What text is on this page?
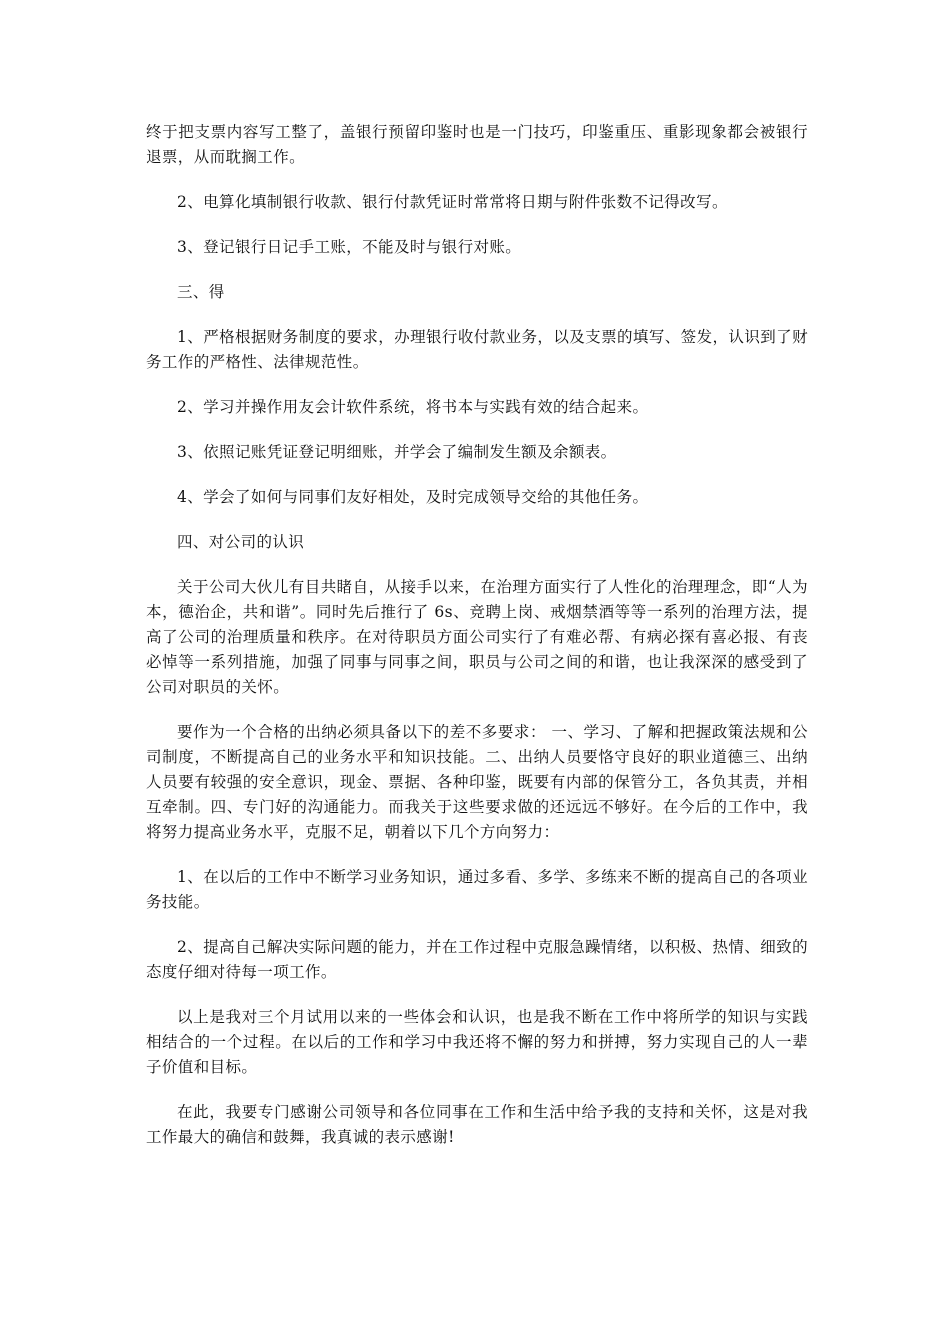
终于把支票内容写工整了，盖银行预留印鉴时也是一门技巧，印鉴重压、重影现象都会被银行退票，从而耽搁工作。

2、电算化填制银行收款、银行付款凭证时常常将日期与附件张数不记得改写。

3、登记银行日记手工账，不能及时与银行对账。

三、得

1、严格根据财务制度的要求，办理银行收付款业务，以及支票的填写、签发，认识到了财务工作的严格性、法律规范性。

2、学习并操作用友会计软件系统，将书本与实践有效的结合起来。

3、依照记账凭证登记明细账，并学会了编制发生额及余额表。

4、学会了如何与同事们友好相处，及时完成领导交给的其他任务。

四、对公司的认识

关于公司大伙儿有目共睹自，从接手以来，在治理方面实行了人性化的治理理念，即“人为本，德治企，共和谐”。同时先后推行了 6s、竞聘上岗、戒烟禁酒等等一系列的治理方法，提高了公司的治理质量和秩序。在对待职员方面公司实行了有难必帮、有病必探有喜必报、有丧必悼等一系列措施，加强了同事与同事之间，职员与公司之间的和谐，也让我深深的感受到了公司对职员的关怀。

要作为一个合格的出纳必须具备以下的差不多要求： 一、学习、了解和把握政策法规和公司制度，不断提高自己的业务水平和知识技能。二、出纳人员要恪守良好的职业道德三、出纳人员要有较强的安全意识，现金、票据、各种印鉴，既要有内部的保管分工，各负其责，并相互牵制。四、专门好的沟通能力。而我关于这些要求做的还远远不够好。在今后的工作中，我将努力提高业务水平，克服不足，朝着以下几个方向努力：

1、在以后的工作中不断学习业务知识，通过多看、多学、多练来不断的提高自己的各项业务技能。

2、提高自己解决实际问题的能力，并在工作过程中克服急躁情绪，以积极、热情、细致的态度仔细对待每一项工作。

以上是我对三个月试用以来的一些体会和认识，也是我不断在工作中将所学的知识与实践相结合的一个过程。在以后的工作和学习中我还将不懈的努力和拼搏，努力实现自己的人一辈子价值和目标。

在此，我要专门感谢公司领导和各位同事在工作和生活中给予我的支持和关怀，这是对我工作最大的确信和鼓舞，我真诚的表示感谢!
